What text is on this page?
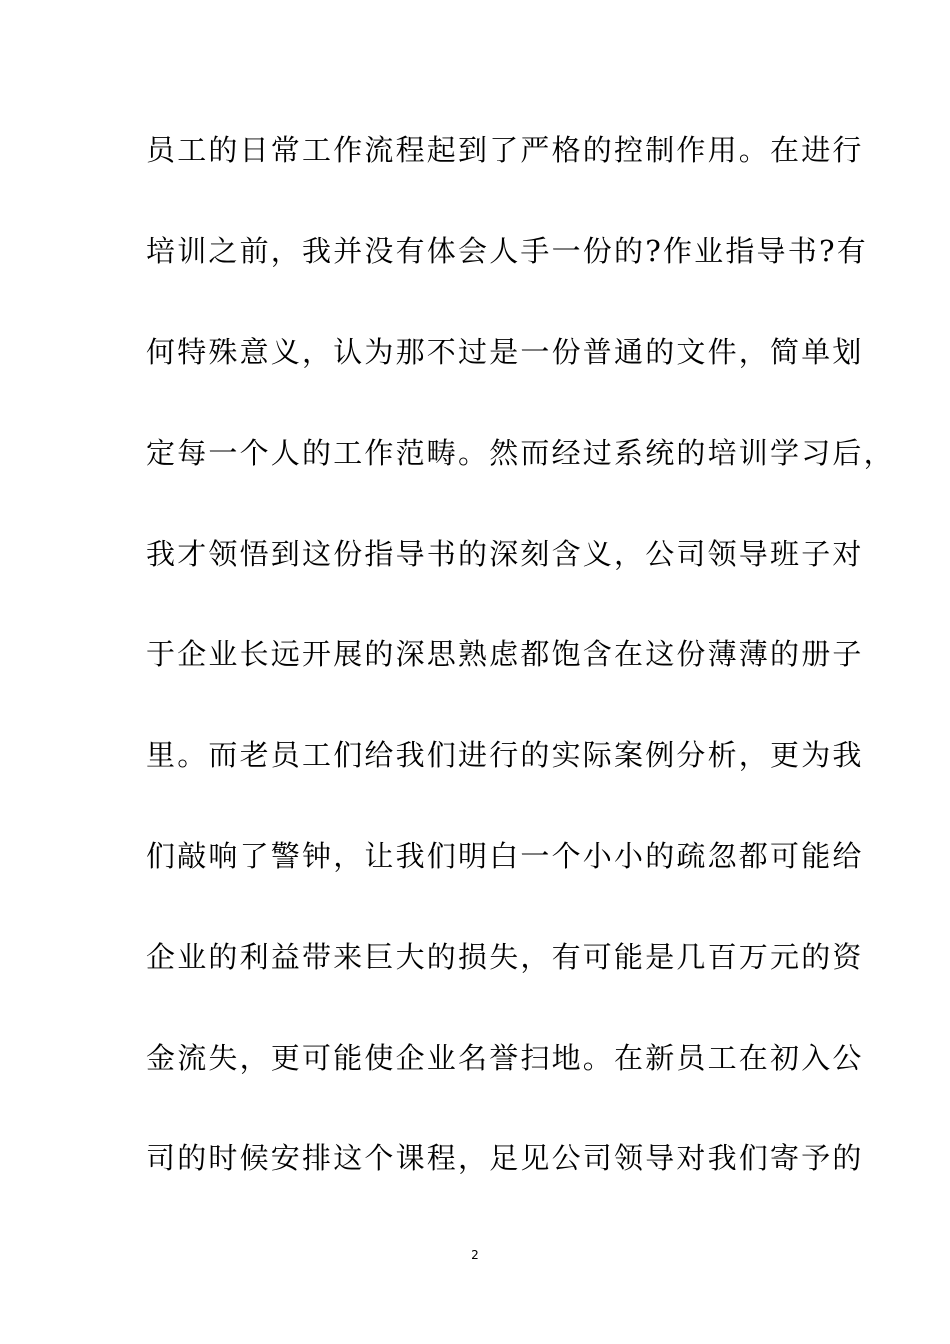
员工的日常工作流程起到了严格的控制作用。在进行
培训之前，我并没有体会人手一份的?作业指导书?有
何特殊意义，认为那不过是一份普通的文件，简单划
定每一个人的工作范畴。然而经过系统的培训学习后，
我才领悟到这份指导书的深刻含义，公司领导班子对
于企业长远开展的深思熟虑都饱含在这份薄薄的册子
里。而老员工们给我们进行的实际案例分析，更为我
们敲响了警钟，让我们明白一个小小的疏忽都可能给
企业的利益带来巨大的损失，有可能是几百万元的资
金流失，更可能使企业名誉扫地。在新员工在初入公
司的时候安排这个课程，足见公司领导对我们寄予的
2
